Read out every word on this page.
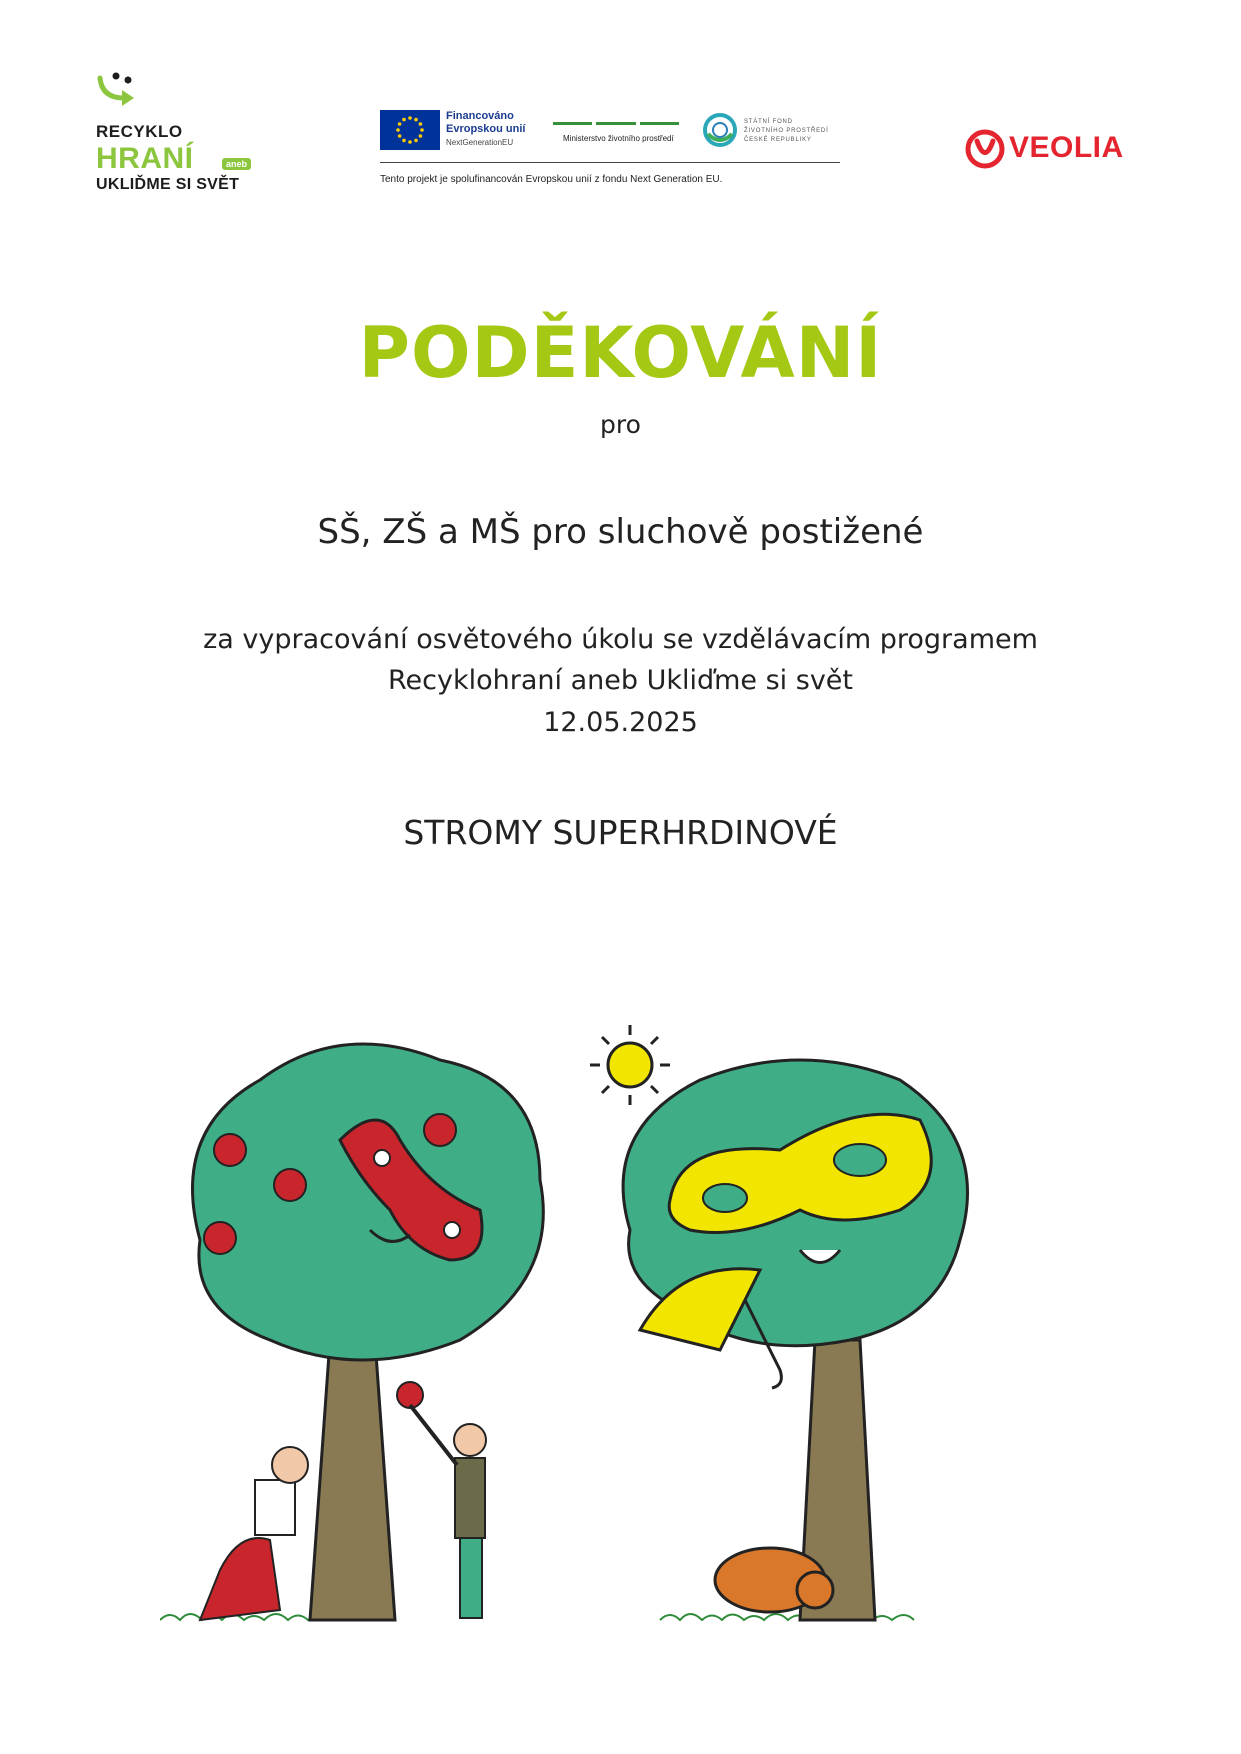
RECYKLO
HRANÍ	aneb
UKLIĎME SI SVĚT
Financováno
Evropskou unií
NextGenerationEU	Ministerstvo životního prostředí
STÁTNÍ FOND
ŽIVOTNÍHO PROSTŘEDÍ
ČESKÉ REPUBLIKY
Tento projekt je spolufinancován Evropskou unií z fondu Next Generation EU.
VEOLIA
PODĚKOVÁNÍ
pro
SŠ, ZŠ a MŠ pro sluchově postižené
za vypracování osvětového úkolu se vzdělávacím programem
Recyklohraní aneb Ukliďme si svět
12.05.2025
STROMY SUPERHRDINOVÉ
